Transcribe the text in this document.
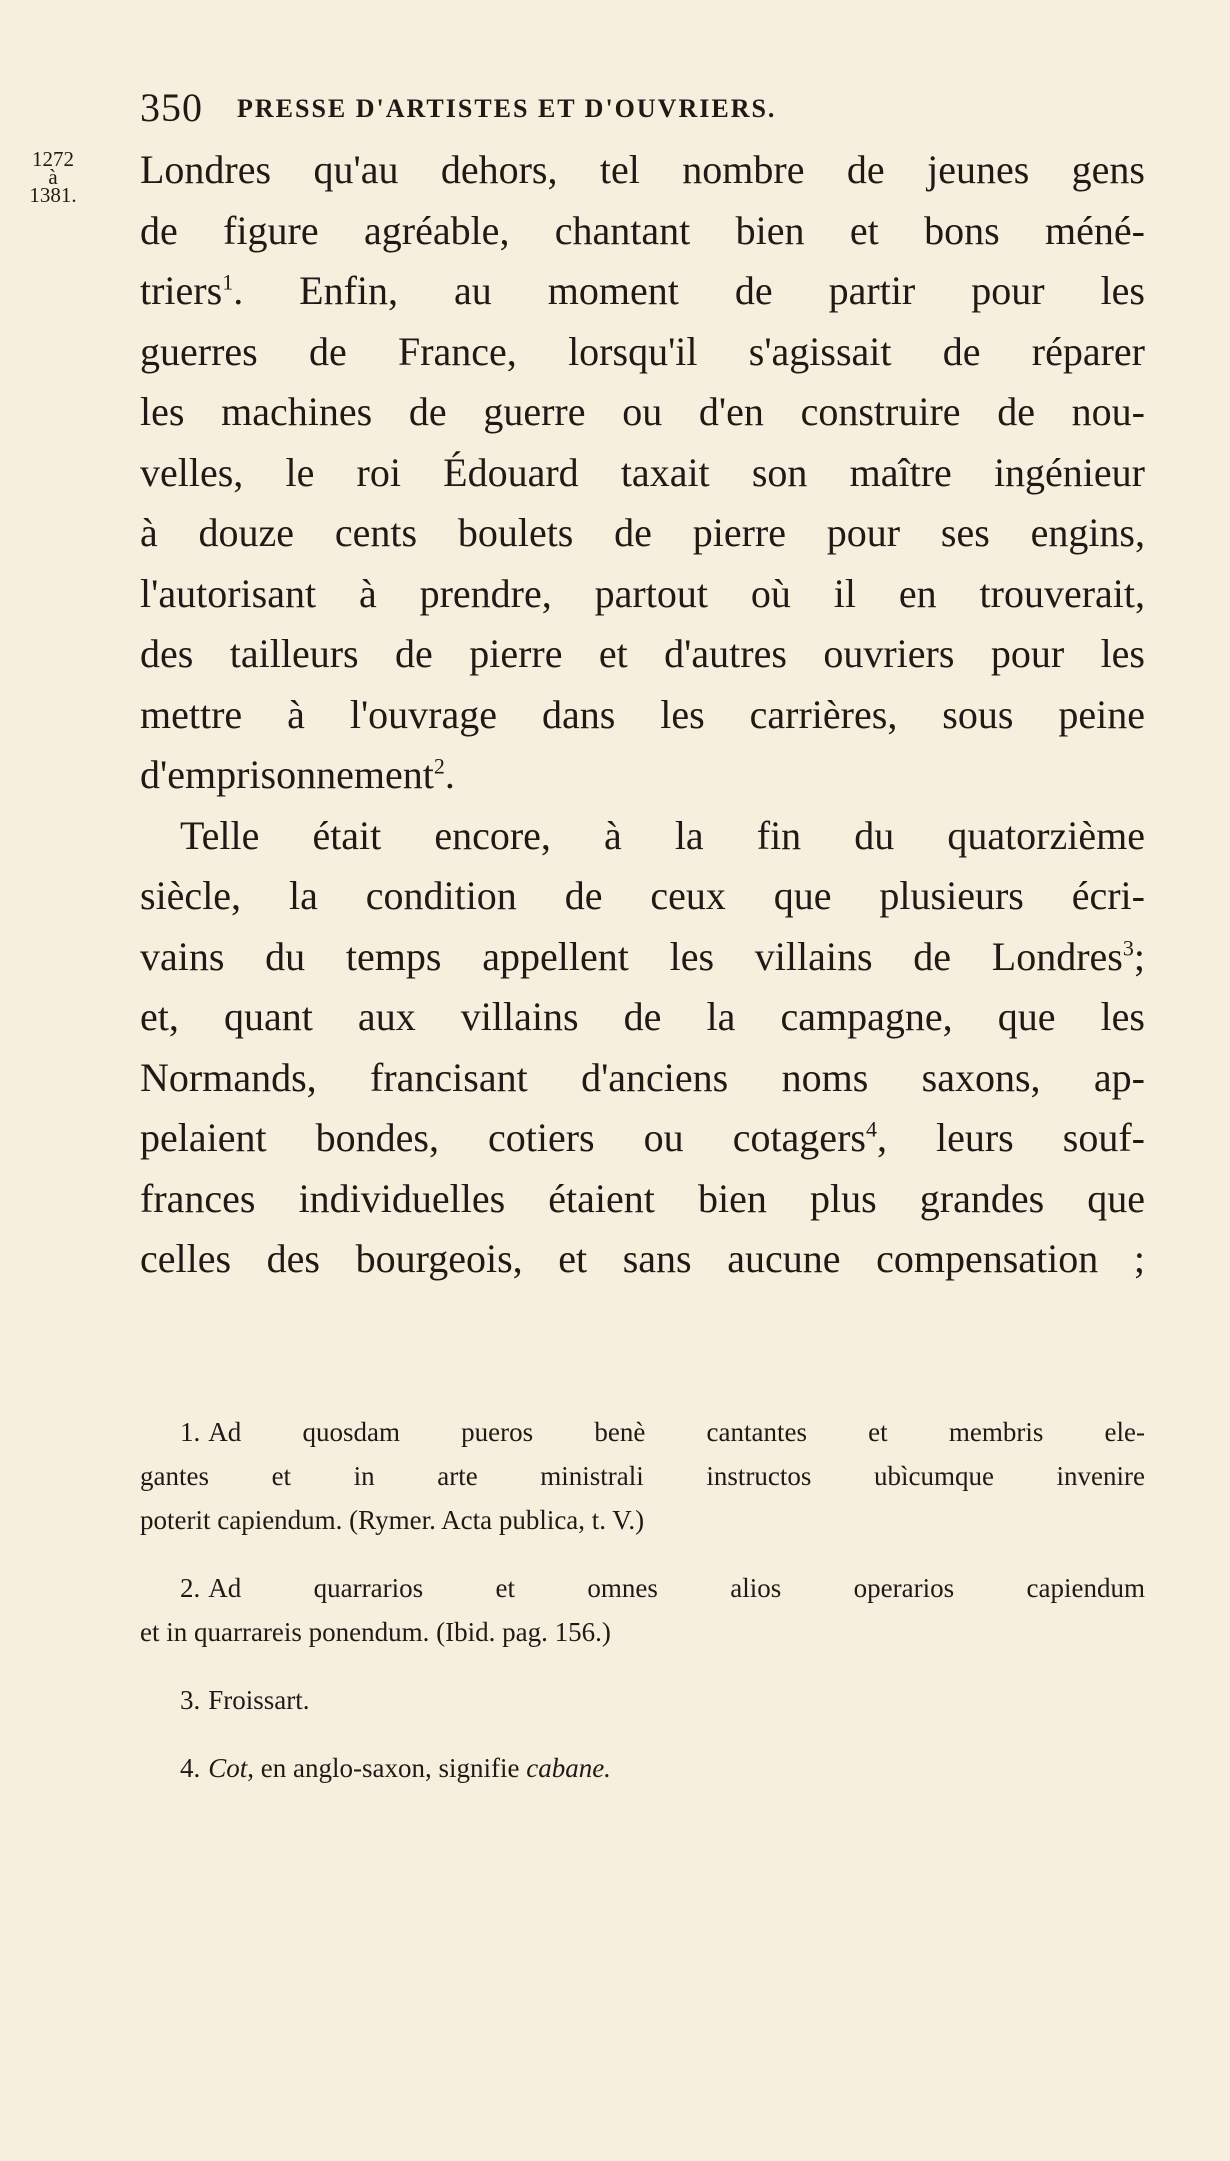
350 PRESSE D'ARTISTES ET D'OUVRIERS.
1272
à
1381.
Londres qu'au dehors, tel nombre de jeunes gens
de figure agréable, chantant bien et bons méné-
triers$^1$. Enfin, au moment de partir pour les
guerres de France, lorsqu'il s'agissait de réparer
les machines de guerre ou d'en construire de nou-
velles, le roi Édouard taxait son maître ingénieur
à douze cents boulets de pierre pour ses engins,
l'autorisant à prendre, partout où il en trouverait,
des tailleurs de pierre et d'autres ouvriers pour les
mettre à l'ouvrage dans les carrières, sous peine
d'emprisonnement$^2$.
Telle était encore, à la fin du quatorzième
siècle, la condition de ceux que plusieurs écri-
vains du temps appellent les villains de Londres$^3$;
et, quant aux villains de la campagne, que les
Normands, francisant d'anciens noms saxons, ap-
pelaient bondes, cotiers ou cotagers$^4$, leurs souf-
frances individuelles étaient bien plus grandes que
celles des bourgeois, et sans aucune compensation ;
1. Ad quosdam pueros benè cantantes et membris ele-
gantes et in arte ministrali instructos ubìcumque invenire
poterit capiendum. (Rymer. Acta publica, t. V.)
2. Ad quarrarios et omnes alios operarios capiendum
et in quarrareis ponendum. (Ibid. pag. 156.)
3. Froissart.
4. Cot, en anglo-saxon, signifie cabane.
